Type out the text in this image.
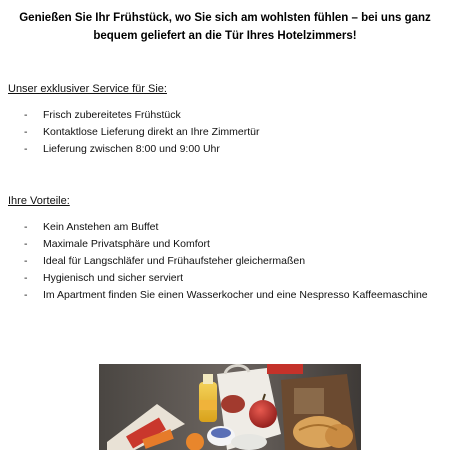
Genießen Sie Ihr Frühstück, wo Sie sich am wohlsten fühlen – bei uns ganz bequem geliefert an die Tür Ihres Hotelzimmers!
Unser exklusiver Service für Sie:
- Frisch zubereitetes Frühstück
- Kontaktlose Lieferung direkt an Ihre Zimmertür
- Lieferung zwischen 8:00 und 9:00 Uhr
Ihre Vorteile:
- Kein Anstehen am Buffet
- Maximale Privatsphäre und Komfort
- Ideal für Langschläfer und Frühaufsteher gleichermaßen
- Hygienisch und sicher serviert
- Im Apartment finden Sie einen Wasserkocher und eine Nespresso Kaffeemaschine
